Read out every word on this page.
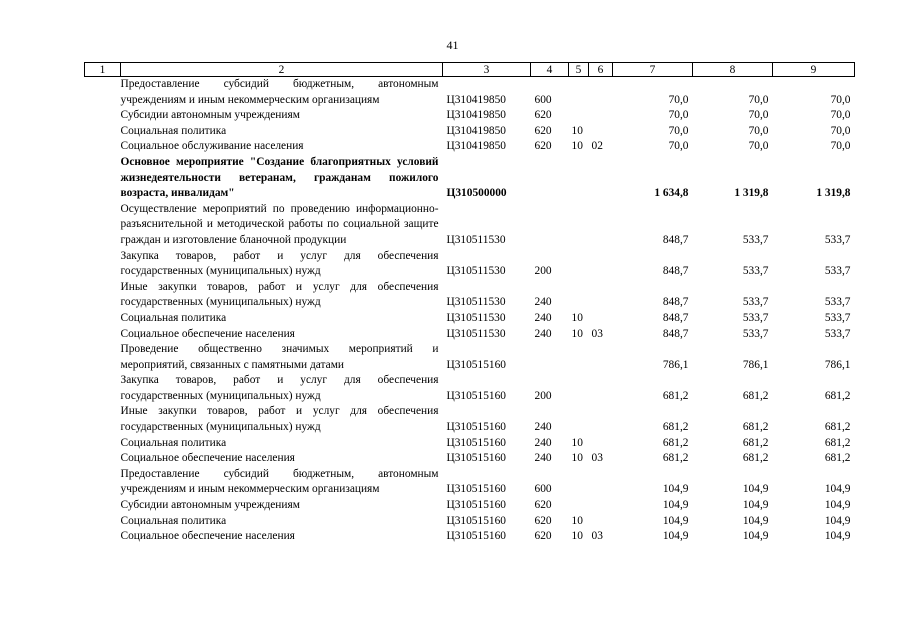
41
1	2	3	4	5	6	7	8	9
	Предоставление субсидий бюджетным, автономным учреждениям и иным некоммерческим организациям	Ц310419850	600			70,0	70,0	70,0
	Субсидии автономным учреждениям	Ц310419850	620			70,0	70,0	70,0
	Социальная политика	Ц310419850	620	10		70,0	70,0	70,0
	Социальное обслуживание населения	Ц310419850	620	10	02	70,0	70,0	70,0
	Основное мероприятие "Создание благоприятных условий жизнедеятельности ветеранам, гражданам пожилого возраста, инвалидам"	Ц310500000				1 634,8	1 319,8	1 319,8
	Осуществление мероприятий по проведению информационно-разъяснительной и методической работы по социальной защите граждан и изготовление бланочной продукции	Ц310511530				848,7	533,7	533,7
	Закупка товаров, работ и услуг для обеспечения государственных (муниципальных) нужд	Ц310511530	200			848,7	533,7	533,7
	Иные закупки товаров, работ и услуг для обеспечения государственных (муниципальных) нужд	Ц310511530	240			848,7	533,7	533,7
	Социальная политика	Ц310511530	240	10		848,7	533,7	533,7
	Социальное обеспечение населения	Ц310511530	240	10	03	848,7	533,7	533,7
	Проведение общественно значимых мероприятий и мероприятий, связанных с памятными датами	Ц310515160				786,1	786,1	786,1
	Закупка товаров, работ и услуг для обеспечения государственных (муниципальных) нужд	Ц310515160	200			681,2	681,2	681,2
	Иные закупки товаров, работ и услуг для обеспечения государственных (муниципальных) нужд	Ц310515160	240			681,2	681,2	681,2
	Социальная политика	Ц310515160	240	10		681,2	681,2	681,2
	Социальное обеспечение населения	Ц310515160	240	10	03	681,2	681,2	681,2
	Предоставление субсидий бюджетным, автономным учреждениям и иным некоммерческим организациям	Ц310515160	600			104,9	104,9	104,9
	Субсидии автономным учреждениям	Ц310515160	620			104,9	104,9	104,9
	Социальная политика	Ц310515160	620	10		104,9	104,9	104,9
	Социальное обеспечение населения	Ц310515160	620	10	03	104,9	104,9	104,9
